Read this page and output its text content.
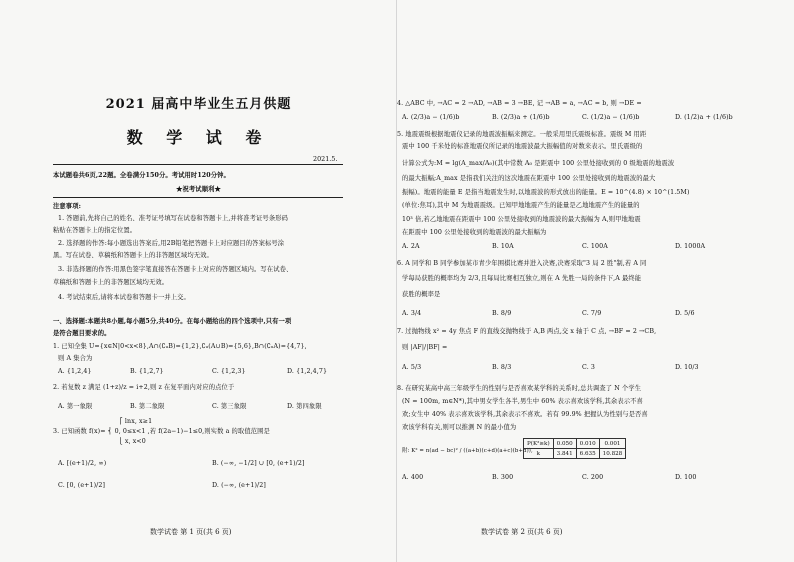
2021 届高中毕业生五月供题
数 学 试 卷
2021.5.
本试题卷共6页,22题。全卷满分150分。考试用时120分钟。
★祝考试顺利★
注意事项:
1. 答题前,先将自己的姓名、准考证号填写在试卷和答题卡上,并将准考证号条形码
粘贴在答题卡上的指定位置。
2. 选择题的作答:每小题选出答案后,用2B铅笔把答题卡上对应题目的答案标号涂
黑。写在试卷、草稿纸和答题卡上的非答题区域均无效。
3. 非选择题的作答:用黑色签字笔直接答在答题卡上对应的答题区域内。写在试卷、
草稿纸和答题卡上的非答题区域均无效。
4. 考试结束后,请将本试卷和答题卡一并上交。
一、选择题:本题共8小题,每小题5分,共40分。在每小题给出的四个选项中,只有一项
是符合题目要求的。
1. 已知全集 U={x∈N|0<x<8},A∩(∁ᵤB)={1,2},∁ᵤ(A∪B)={5,6},B∩(∁ᵤA)={4,7},
则 A 集合为
A. {1,2,4}	B. {1,2,7}	C. {1,2,3}	D. {1,2,4,7}
2. 若复数 z 满足 (1+z)/z = i+2,则 z 在复平面内对应的点位于
A. 第一象限	B. 第二象限	C. 第三象限	D. 第四象限
⎧ lnx, x≥1
3. 已知函数 f(x)= ⎨ 0, 0≤x<1 ,若 f(2a−1)−1≤0,则实数 a 的取值范围是
⎩ x, x<0
A. [(e+1)/2, ∞)	B. (−∞, −1/2] ∪ [0, (e+1)/2]
C. [0, (e+1)/2]	D. (−∞, (e+1)/2]
数学试卷 第 1 页(共 6 页)
4. △ABC 中, →AC = 2 →AD, →AB = 3 →BE, 记 →AB = a, →AC = b, 则 →DE =
A. (2/3)a − (1/6)b	B. (2/3)a + (1/6)b	C. (1/2)a − (1/6)b	D. (1/2)a + (1/6)b
5. 地震震级根据地震仪记录的地震波振幅来测定。一般采用里氏震级标准。震级 M 用距
震中 100 千米处的标准地震仪所记录的地震波最大振幅值的对数来表示。里氏震级的
计算公式为:M = lg(A_max/A₀)(其中常数 A₀ 是距震中 100 公里处接收到的 0 级地震的地震波
的最大振幅;A_max 是指我们关注的这次地震在距震中 100 公里处接收到的地震波的最大
振幅)。地震的能量 E 是指当地震发生时,以地震波的形式放出的能量。E = 10^(4.8) × 10^(1.5M)
(单位:焦耳),其中 M 为地震震级。已知甲地地震产生的能量是乙地地震产生的能量的
10³ 倍,若乙地地震在距震中 100 公里处接收到的地震波的最大振幅为 A,则甲地地震
在距震中 100 公里处接收到的地震波的最大振幅为
A. 2A	B. 10A	C. 100A	D. 1000A
6. A 同学和 B 同学参加某市青少年围棋比赛并进入决赛,决赛采取"3 局 2 胜"制,若 A 同
学每局获胜的概率均为 2/3,且每局比赛相互独立,则在 A 先胜一局的条件下,A 最终能
获胜的概率是
A. 3/4	B. 8/9	C. 7/9	D. 5/6
7. 过抛物线 x² = 4y 焦点 F 的直线交抛物线于 A,B 两点,交 x 轴于 C 点, →BF = 2 →CB,
则 |AF|/|BF| =
A. 5/3	B. 8/3	C. 3	D. 10/3
8. 在研究某高中高三年级学生的性别与是否喜欢某学科的关系时,总共调查了 N 个学生
(N = 100m, m∈N*),其中男女学生各半,男生中 60% 表示喜欢该学科,其余表示不喜
欢;女生中 40% 表示喜欢该学科,其余表示不喜欢。若有 99.9% 把握认为性别与是否喜
欢该学科有关,则可以推测 N 的最小值为
附: K² = n(ad − bc)² / ((a+b)(c+d)(a+c)(b+d)),
P(K²≥k)	0.050	0.010	0.001
k	3.841	6.635	10.828
A. 400	B. 300	C. 200	D. 100
数学试卷 第 2 页(共 6 页)
